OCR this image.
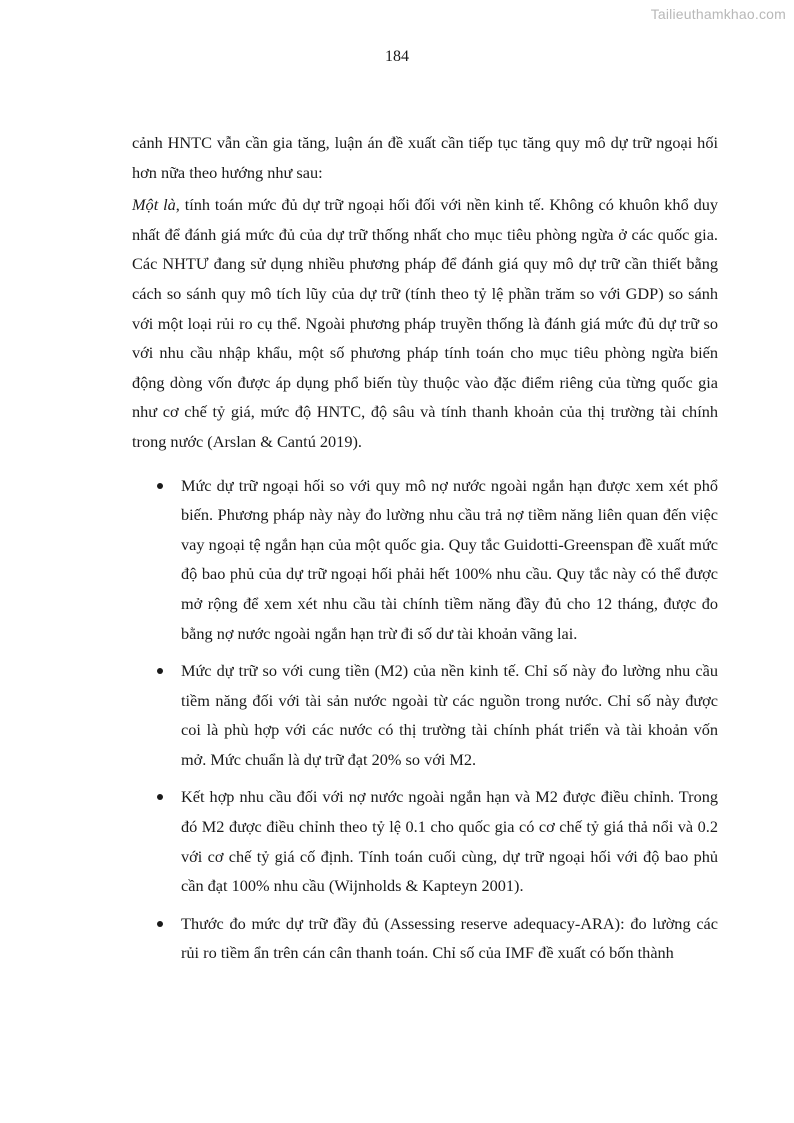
Tailieuthamkhao.com
184

cảnh HNTC vẫn cần gia tăng, luận án đề xuất cần tiếp tục tăng quy mô dự trữ ngoại hối hơn nữa theo hướng như sau:

Một là, tính toán mức đủ dự trữ ngoại hối đối với nền kinh tế. Không có khuôn khổ duy nhất để đánh giá mức đủ của dự trữ thống nhất cho mục tiêu phòng ngừa ở các quốc gia. Các NHTƯ đang sử dụng nhiều phương pháp để đánh giá quy mô dự trữ cần thiết bằng cách so sánh quy mô tích lũy của dự trữ (tính theo tỷ lệ phần trăm so với GDP) so sánh với một loại rủi ro cụ thể. Ngoài phương pháp truyền thống là đánh giá mức đủ dự trữ so với nhu cầu nhập khẩu, một số phương pháp tính toán cho mục tiêu phòng ngừa biến động dòng vốn được áp dụng phổ biến tùy thuộc vào đặc điểm riêng của từng quốc gia như cơ chế tỷ giá, mức độ HNTC, độ sâu và tính thanh khoản của thị trường tài chính trong nước (Arslan & Cantú 2019).

Mức dự trữ ngoại hối so với quy mô nợ nước ngoài ngắn hạn được xem xét phổ biến. Phương pháp này này đo lường nhu cầu trả nợ tiềm năng liên quan đến việc vay ngoại tệ ngắn hạn của một quốc gia. Quy tắc Guidotti-Greenspan đề xuất mức độ bao phủ của dự trữ ngoại hối phải hết 100% nhu cầu. Quy tắc này có thể được mở rộng để xem xét nhu cầu tài chính tiềm năng đầy đủ cho 12 tháng, được đo bằng nợ nước ngoài ngắn hạn trừ đi số dư tài khoản vãng lai.
Mức dự trữ so với cung tiền (M2) của nền kinh tế. Chỉ số này đo lường nhu cầu tiềm năng đối với tài sản nước ngoài từ các nguồn trong nước. Chỉ số này được coi là phù hợp với các nước có thị trường tài chính phát triển và tài khoản vốn mở. Mức chuẩn là dự trữ đạt 20% so với M2.
Kết hợp nhu cầu đối với nợ nước ngoài ngắn hạn và M2 được điều chỉnh. Trong đó M2 được điều chỉnh theo tỷ lệ 0.1 cho quốc gia có cơ chế tỷ giá thả nổi và 0.2 với cơ chế tỷ giá cố định. Tính toán cuối cùng, dự trữ ngoại hối với độ bao phủ cần đạt 100% nhu cầu (Wijnholds & Kapteyn 2001).
Thước đo mức dự trữ đầy đủ (Assessing reserve adequacy-ARA): đo lường các rủi ro tiềm ẩn trên cán cân thanh toán. Chỉ số của IMF đề xuất có bốn thành
